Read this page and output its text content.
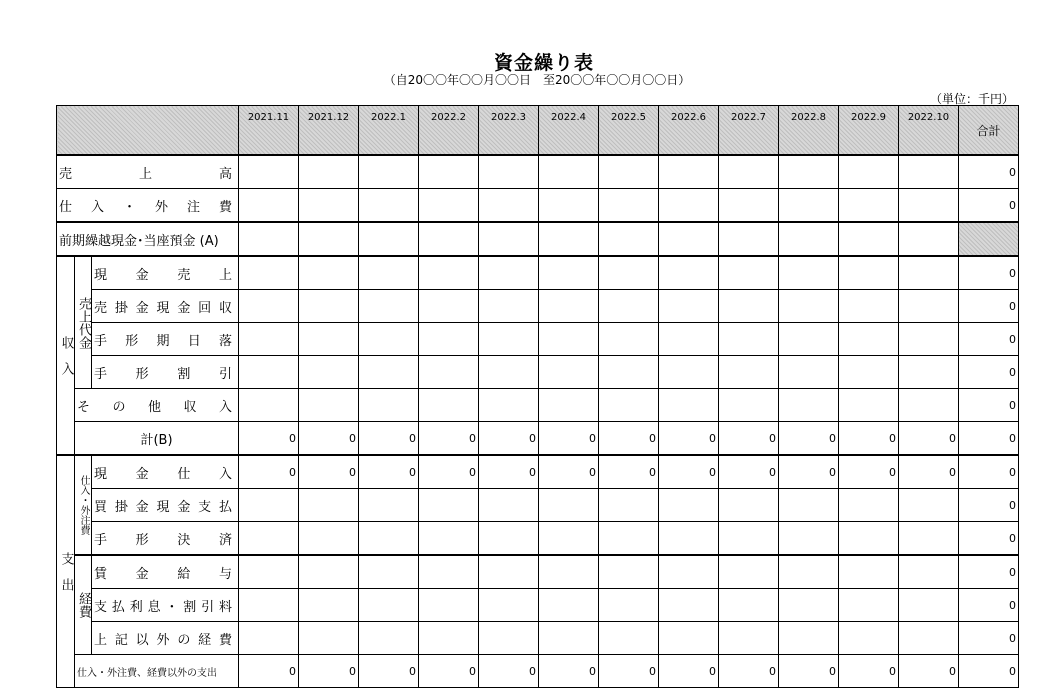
資金繰り表
（自20〇〇年〇〇月〇〇日　至20〇〇年〇〇月〇〇日）
（単位：千円）
			2021.11	2021.12	2022.1	2022.2	2022.3	2022.4	2022.5	2022.6	2022.7	2022.8	2022.9	2022.10	合計
売　　上　　高															0
仕 入 ・ 外 注 費															0
前期繰越現金･当座預金 (A)															
収　入	売上代金	現　金　売　上													0
		売掛金現金回収													0
		手　形　期　日　落													0
		手　形　割　引													0
	そ　の　他　収　入														0
	計(B)		0	0	0	0	0	0	0	0	0	0	0	0	0
支　出	仕入・外注費	現　金　仕　入	0	0	0	0	0	0	0	0	0	0	0	0	0
		買掛金現金支払													0
		手　形　決　済													0
	経費	賃　金　給　与													0
		支払利息・割引料													0
		上記以外の経費													0
	仕入・外注費、経費以外の支出		0	0	0	0	0	0	0	0	0	0	0	0	0
